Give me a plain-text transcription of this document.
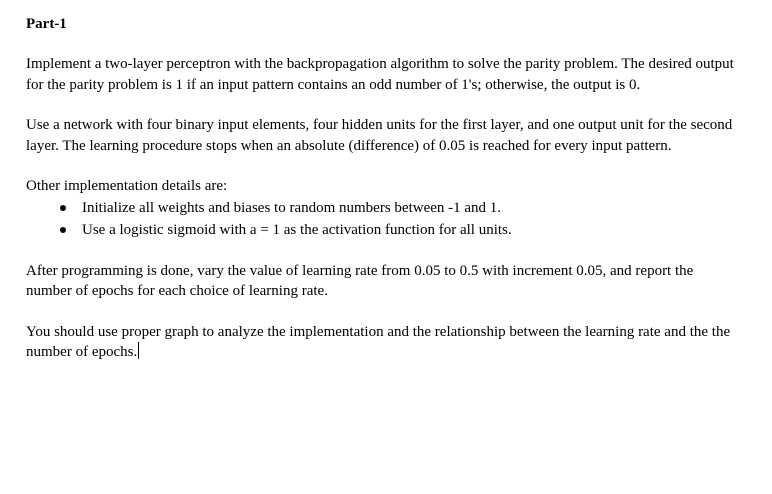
Part-1

Implement a two-layer perceptron with the backpropagation algorithm to solve the parity problem. The desired output for the parity problem is 1 if an input pattern contains an odd number of 1's; otherwise, the output is 0.

Use a network with four binary input elements, four hidden units for the first layer, and one output unit for the second layer. The learning procedure stops when an absolute (difference) of 0.05 is reached for every input pattern.

Other implementation details are:

Initialize all weights and biases to random numbers between -1 and 1.
Use a logistic sigmoid with a = 1 as the activation function for all units.

After programming is done, vary the value of learning rate from 0.05 to 0.5 with increment 0.05, and report the number of epochs for each choice of learning rate.

You should use proper graph to analyze the implementation and the relationship between the learning rate and the the number of epochs.
